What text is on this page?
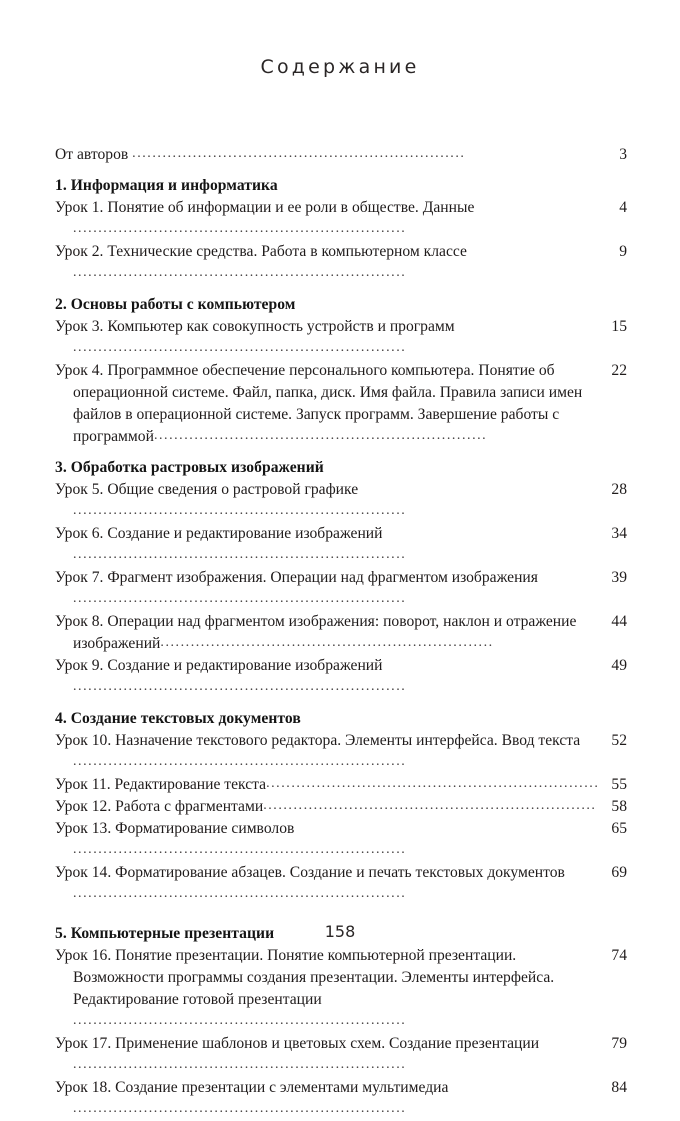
Содержание
3
От авторов .....
1. Информация и информатика
4
Урок 1. Понятие об информации и ее роли в обществе. Данные.....
9
Урок 2. Технические средства. Работа в компьютерном классе.....
2. Основы работы с компьютером
15
Урок 3. Компьютер как совокупность устройств и программ.....
22
Урок 4. Программное обеспечение персонального компьютера. Понятие об операционной системе. Файл, папка, диск. Имя файла. Правила записи имен файлов в операционной системе. Запуск программ. Завершение работы с программой.....
3. Обработка растровых изображений
28
Урок 5. Общие сведения о растровой графике.....
34
Урок 6. Создание и редактирование изображений.....
39
Урок 7. Фрагмент изображения. Операции над фрагментом изображения.....
44
Урок 8. Операции над фрагментом изображения: поворот, наклон и отражение изображений.....
49
Урок 9. Создание и редактирование изображений.....
4. Создание текстовых документов
52
Урок 10. Назначение текстового редактора. Элементы интерфейса. Ввод текста.....
55
Урок 11. Редактирование текста.....
58
Урок 12. Работа с фрагментами.....
65
Урок 13. Форматирование символов.....
69
Урок 14. Форматирование абзацев. Создание и печать текстовых документов.....
5. Компьютерные презентации
74
Урок 16. Понятие презентации. Понятие компьютерной презентации. Возможности программы создания презентации. Элементы интерфейса. Редактирование готовой презентации.....
79
Урок 17. Применение шаблонов и цветовых схем. Создание презентации.....
84
Урок 18. Создание презентации с элементами мультимедиа.....
158
